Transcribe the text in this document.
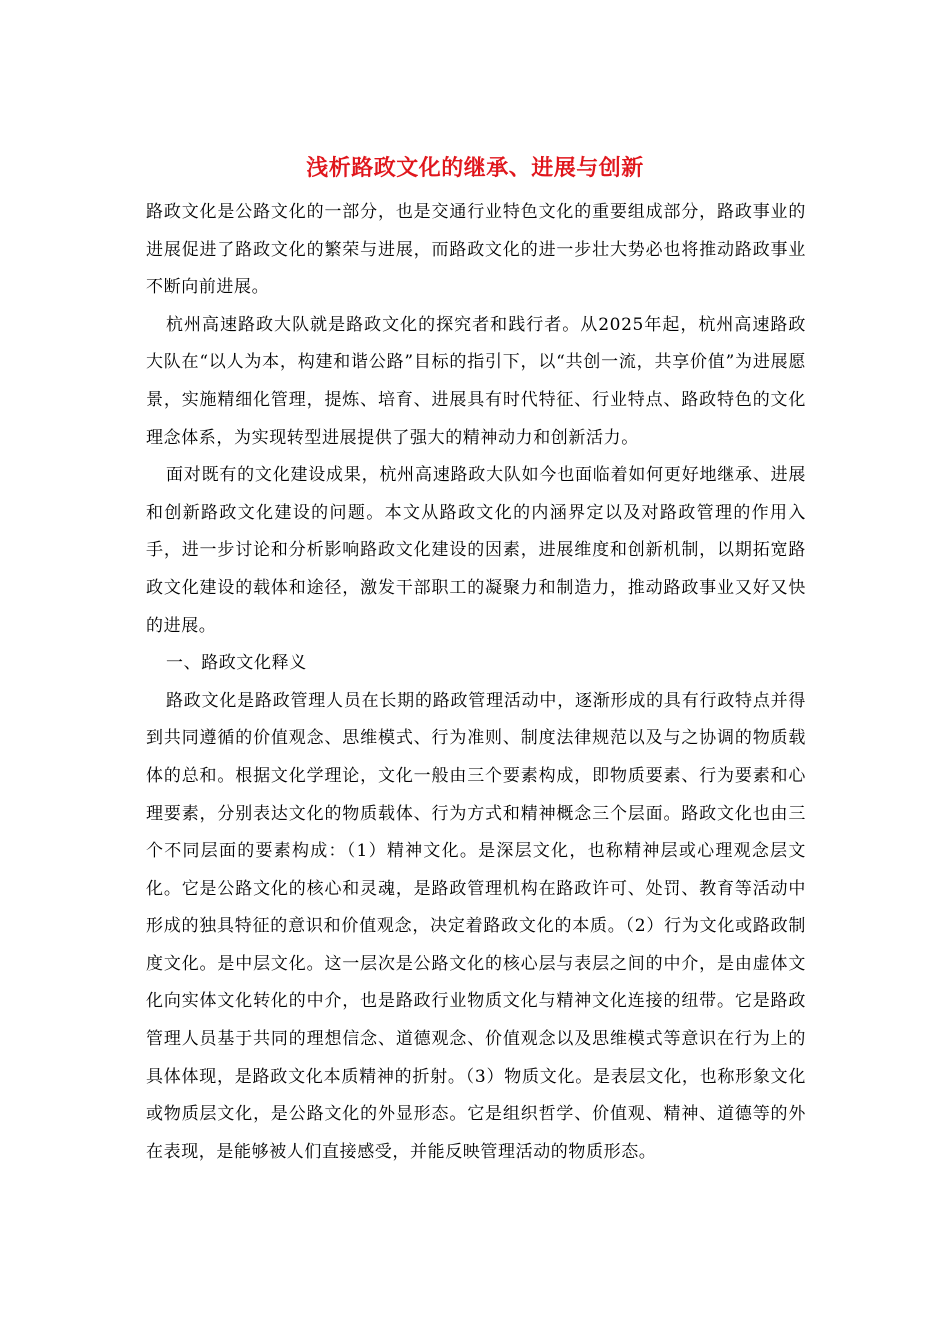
浅析路政文化的继承、进展与创新

路政文化是公路文化的一部分，也是交通行业特色文化的重要组成部分，路政事业的进展促进了路政文化的繁荣与进展，而路政文化的进一步壮大势必也将推动路政事业不断向前进展。

杭州高速路政大队就是路政文化的探究者和践行者。从2025年起，杭州高速路政大队在“以人为本，构建和谐公路”目标的指引下，以“共创一流，共享价值”为进展愿景，实施精细化管理，提炼、培育、进展具有时代特征、行业特点、路政特色的文化理念体系，为实现转型进展提供了强大的精神动力和创新活力。

面对既有的文化建设成果，杭州高速路政大队如今也面临着如何更好地继承、进展和创新路政文化建设的问题。本文从路政文化的内涵界定以及对路政管理的作用入手，进一步讨论和分析影响路政文化建设的因素，进展维度和创新机制，以期拓宽路政文化建设的载体和途径，激发干部职工的凝聚力和制造力，推动路政事业又好又快的进展。

一、路政文化释义

路政文化是路政管理人员在长期的路政管理活动中，逐渐形成的具有行政特点并得到共同遵循的价值观念、思维模式、行为准则、制度法律规范以及与之协调的物质载体的总和。根据文化学理论，文化一般由三个要素构成，即物质要素、行为要素和心理要素，分别表达文化的物质载体、行为方式和精神概念三个层面。路政文化也由三个不同层面的要素构成：（1）精神文化。是深层文化，也称精神层或心理观念层文化。它是公路文化的核心和灵魂，是路政管理机构在路政许可、处罚、教育等活动中形成的独具特征的意识和价值观念，决定着路政文化的本质。（2）行为文化或路政制度文化。是中层文化。这一层次是公路文化的核心层与表层之间的中介，是由虚体文化向实体文化转化的中介，也是路政行业物质文化与精神文化连接的纽带。它是路政管理人员基于共同的理想信念、道德观念、价值观念以及思维模式等意识在行为上的具体体现，是路政文化本质精神的折射。（3）物质文化。是表层文化，也称形象文化或物质层文化，是公路文化的外显形态。它是组织哲学、价值观、精神、道德等的外在表现，是能够被人们直接感受，并能反映管理活动的物质形态。
